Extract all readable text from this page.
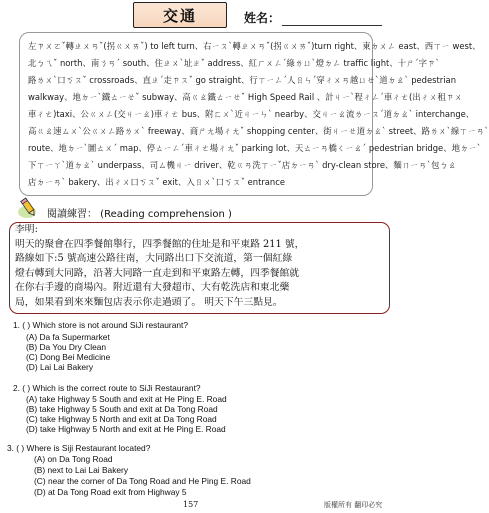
交通	姓名：
左ㄗㄨㄛˇ轉ㄓㄨㄢˇ(拐ㄍㄨㄞˇ) to left turn、右ㄧㄡˋ轉ㄓㄨㄢˇ(拐ㄍㄨㄞˇ)turn right、東ㄉㄨㄥ east、西ㄒㄧ west、
北ㄅㄟˇ north、南ㄋㄢˊ south、住ㄓㄨˋ址ㄓˇ address、紅ㄏㄨㄥˊ綠ㄌㄩˋ燈ㄉㄥ traffic light、十ㄕˊ字ㄗˋ
路ㄌㄨˋ口ㄎㄡˇ crossroads、直ㄓˊ走ㄗㄡˇ go straight、行ㄒㄧㄥˊ人ㄖㄣˊ穿ㄔㄨㄢ越ㄩㄝˋ道ㄉㄠˋ pedestrian
walkway、地ㄉㄧˋ鐵ㄊㄧㄝˇ subway、高ㄍㄠ鐵ㄊㄧㄝˇ High Speed Rail 、計ㄐㄧˋ程ㄔㄥˊ車ㄔㄜ(出ㄔㄨ租ㄗㄨ
車ㄔㄜ)taxi、公ㄍㄨㄥ(交ㄐㄧㄠ)車ㄔㄜ bus、附ㄈㄨˋ近ㄐㄧㄣˋ nearby、交ㄐㄧㄠ流ㄌㄧㄡˊ道ㄉㄠˋ interchange、
高ㄍㄠ速ㄙㄨˋ公ㄍㄨㄥ路ㄌㄨˋ freeway、商ㄕㄤ場ㄔㄤˇ shopping center、街ㄐㄧㄝ道ㄉㄠˋ street、路ㄌㄨˋ線ㄒㄧㄢˋ
route、地ㄉㄧˋ圖ㄊㄨˊ map、停ㄊㄧㄥˊ車ㄔㄜ場ㄔㄤˇ parking lot、天ㄊㄧㄢ橋ㄑㄧㄠˊ pedestrian bridge、地ㄉㄧˋ
下ㄒㄧㄚˋ道ㄉㄠˋ underpass、司ㄙ機ㄐㄧ driver、乾ㄍㄢ洗ㄒㄧˇ店ㄉㄧㄢˋ dry-clean store、麵ㄇㄧㄢˋ包ㄅㄠ
店ㄉㄧㄢˋ bakery、出ㄔㄨ口ㄎㄡˇ exit、入ㄖㄨˋ口ㄎㄡˇ entrance
閱讀練習： (Reading comprehension )
李明:
明天的聚會在四季餐館舉行，四季餐館的住址是和平東路 211 號，
路線如下:5 號高速公路往南，大同路出口下交流道，第一個紅綠
燈右轉到大同路，沿著大同路一直走到和平東路左轉，四季餐館就
在你右手邊的商場內。附近還有大發超市、大有乾洗店和東北藥
局，如果看到來來麵包店表示你走過頭了。 明天下午三點見。
1. ( ) Which store is not around SiJi restaurant?
(A) Da fa Supermarket
(B) Da You Dry Clean
(C) Dong Bei Medicine
(D) Lai Lai Bakery
2. ( ) Which is the correct route to SiJi Restaurant?
(A) take Highway 5 South and exit at He Ping E. Road
(B) take Highway 5 South and exit at Da Tong Road
(C) take Highway 5 North and exit at Da Tong Road
(D) take Highway 5 North and exit at He Ping E. Road
3. ( ) Where is Siji Restaurant located?
(A) on Da Tong Road
(B) next to Lai Lai Bakery
(C) near the corner of Da Tong Road and He Ping E. Road
(D) at Da Tong Road exit from Highway 5
157	版權所有 翻印必究
